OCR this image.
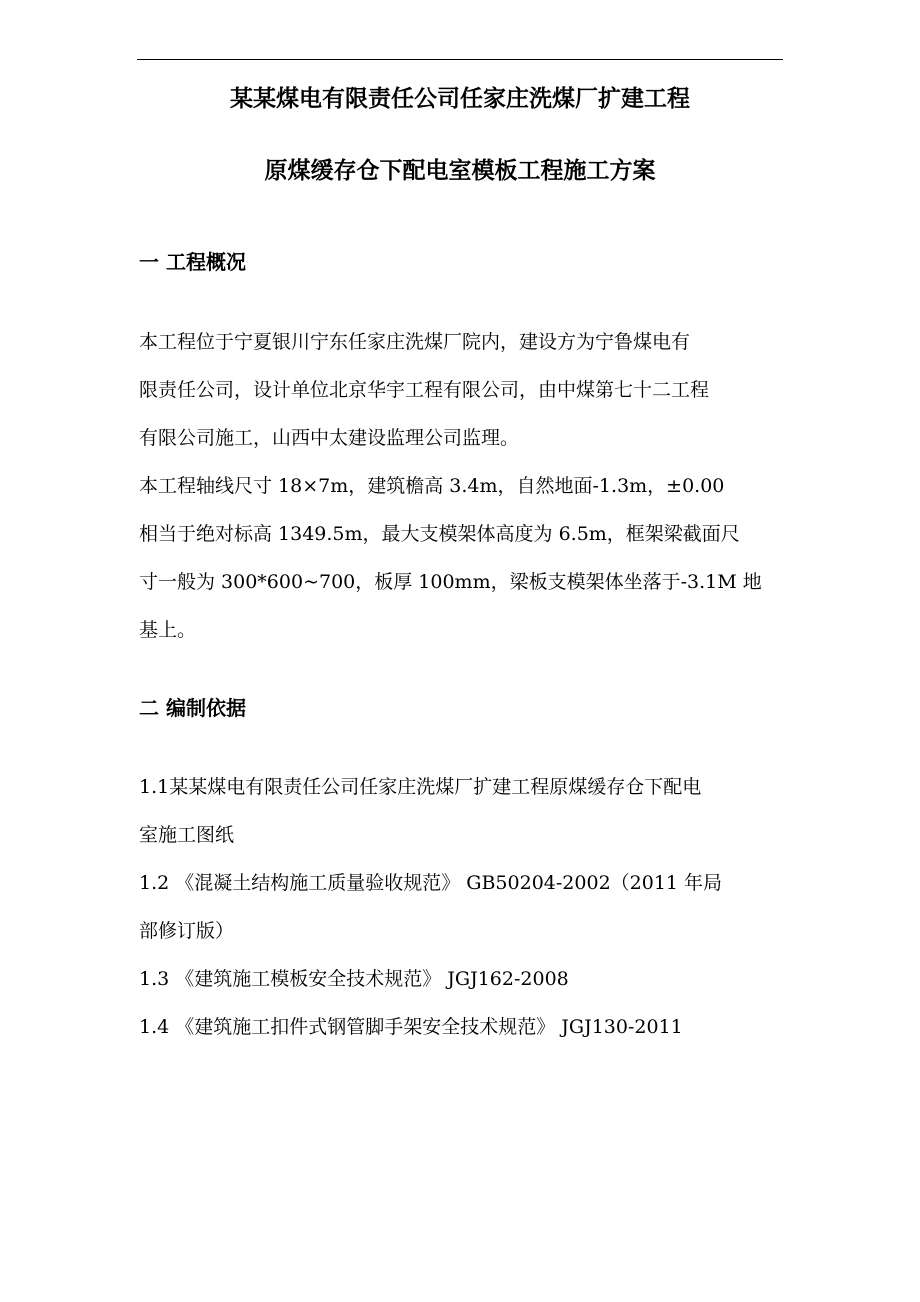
某某煤电有限责任公司任家庄洗煤厂扩建工程
原煤缓存仓下配电室模板工程施工方案
一 工程概况
本工程位于宁夏银川宁东任家庄洗煤厂院内，建设方为宁鲁煤电有
限责任公司，设计单位北京华宇工程有限公司，由中煤第七十二工程
有限公司施工，山西中太建设监理公司监理。
本工程轴线尺寸 18×7m，建筑檐高 3.4m，自然地面-1.3m，±0.00
相当于绝对标高 1349.5m，最大支模架体高度为 6.5m，框架梁截面尺
寸一般为 300*600~700，板厚 100mm，梁板支模架体坐落于-3.1M 地
基上。
二 编制依据
1.1某某煤电有限责任公司任家庄洗煤厂扩建工程原煤缓存仓下配电
室施工图纸
1.2 《混凝土结构施工质量验收规范》 GB50204-2002（2011 年局
部修订版）
1.3 《建筑施工模板安全技术规范》 JGJ162-2008
1.4 《建筑施工扣件式钢管脚手架安全技术规范》 JGJ130-2011
